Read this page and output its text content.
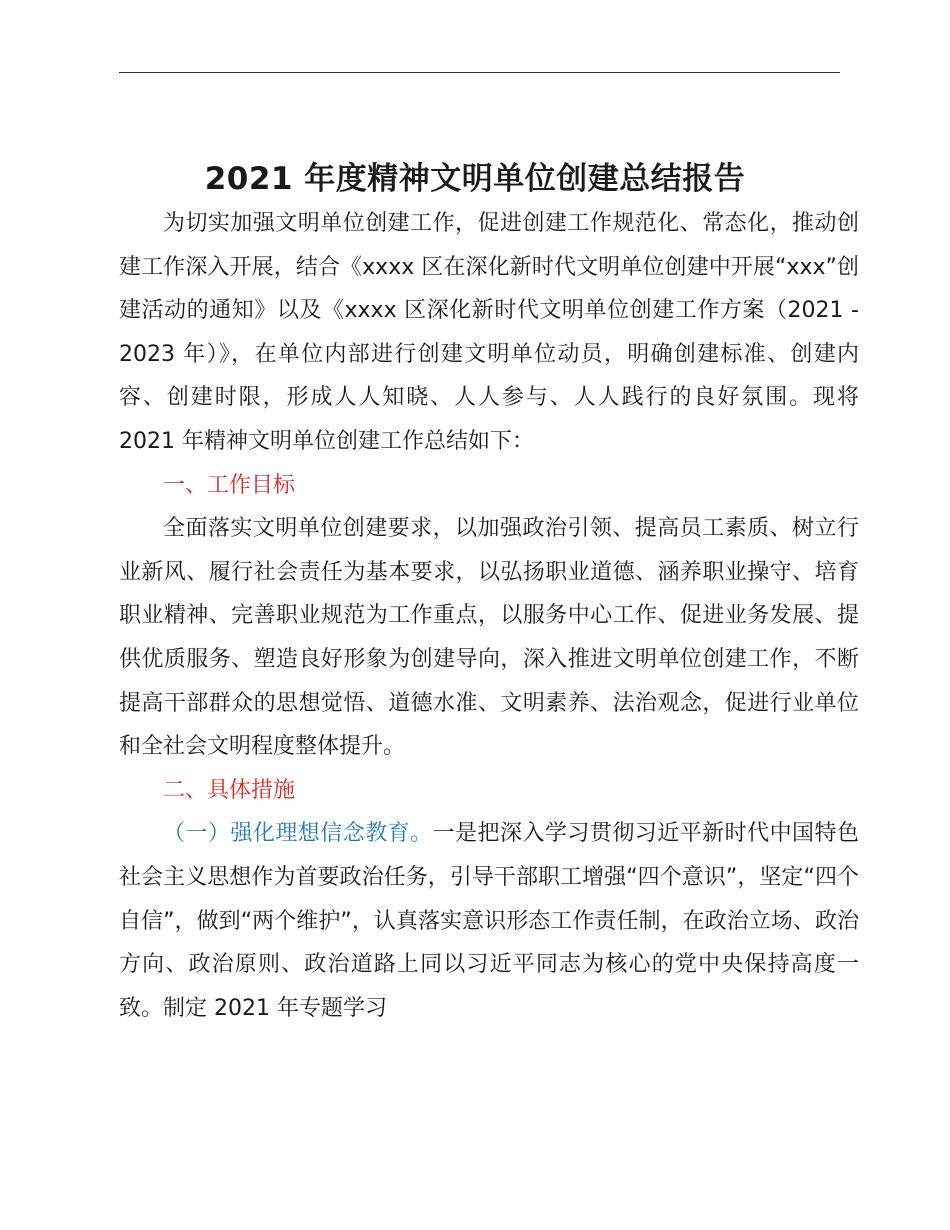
2021 年度精神文明单位创建总结报告

为切实加强文明单位创建工作，促进创建工作规范化、常态化，推动创建工作深入开展，结合《xxxx 区在深化新时代文明单位创建中开展“xxx”创建活动的通知》以及《xxxx 区深化新时代文明单位创建工作方案（2021 - 2023 年）》，在单位内部进行创建文明单位动员，明确创建标准、创建内容、创建时限，形成人人知晓、人人参与、人人践行的良好氛围。现将 2021 年精神文明单位创建工作总结如下：

一、工作目标

全面落实文明单位创建要求，以加强政治引领、提高员工素质、树立行业新风、履行社会责任为基本要求，以弘扬职业道德、涵养职业操守、培育职业精神、完善职业规范为工作重点，以服务中心工作、促进业务发展、提供优质服务、塑造良好形象为创建导向，深入推进文明单位创建工作，不断提高干部群众的思想觉悟、道德水准、文明素养、法治观念，促进行业单位和全社会文明程度整体提升。

二、具体措施

（一）强化理想信念教育。一是把深入学习贯彻习近平新时代中国特色社会主义思想作为首要政治任务，引导干部职工增强“四个意识”，坚定“四个自信”，做到“两个维护”，认真落实意识形态工作责任制，在政治立场、政治方向、政治原则、政治道路上同以习近平同志为核心的党中央保持高度一致。制定 2021 年专题学习
